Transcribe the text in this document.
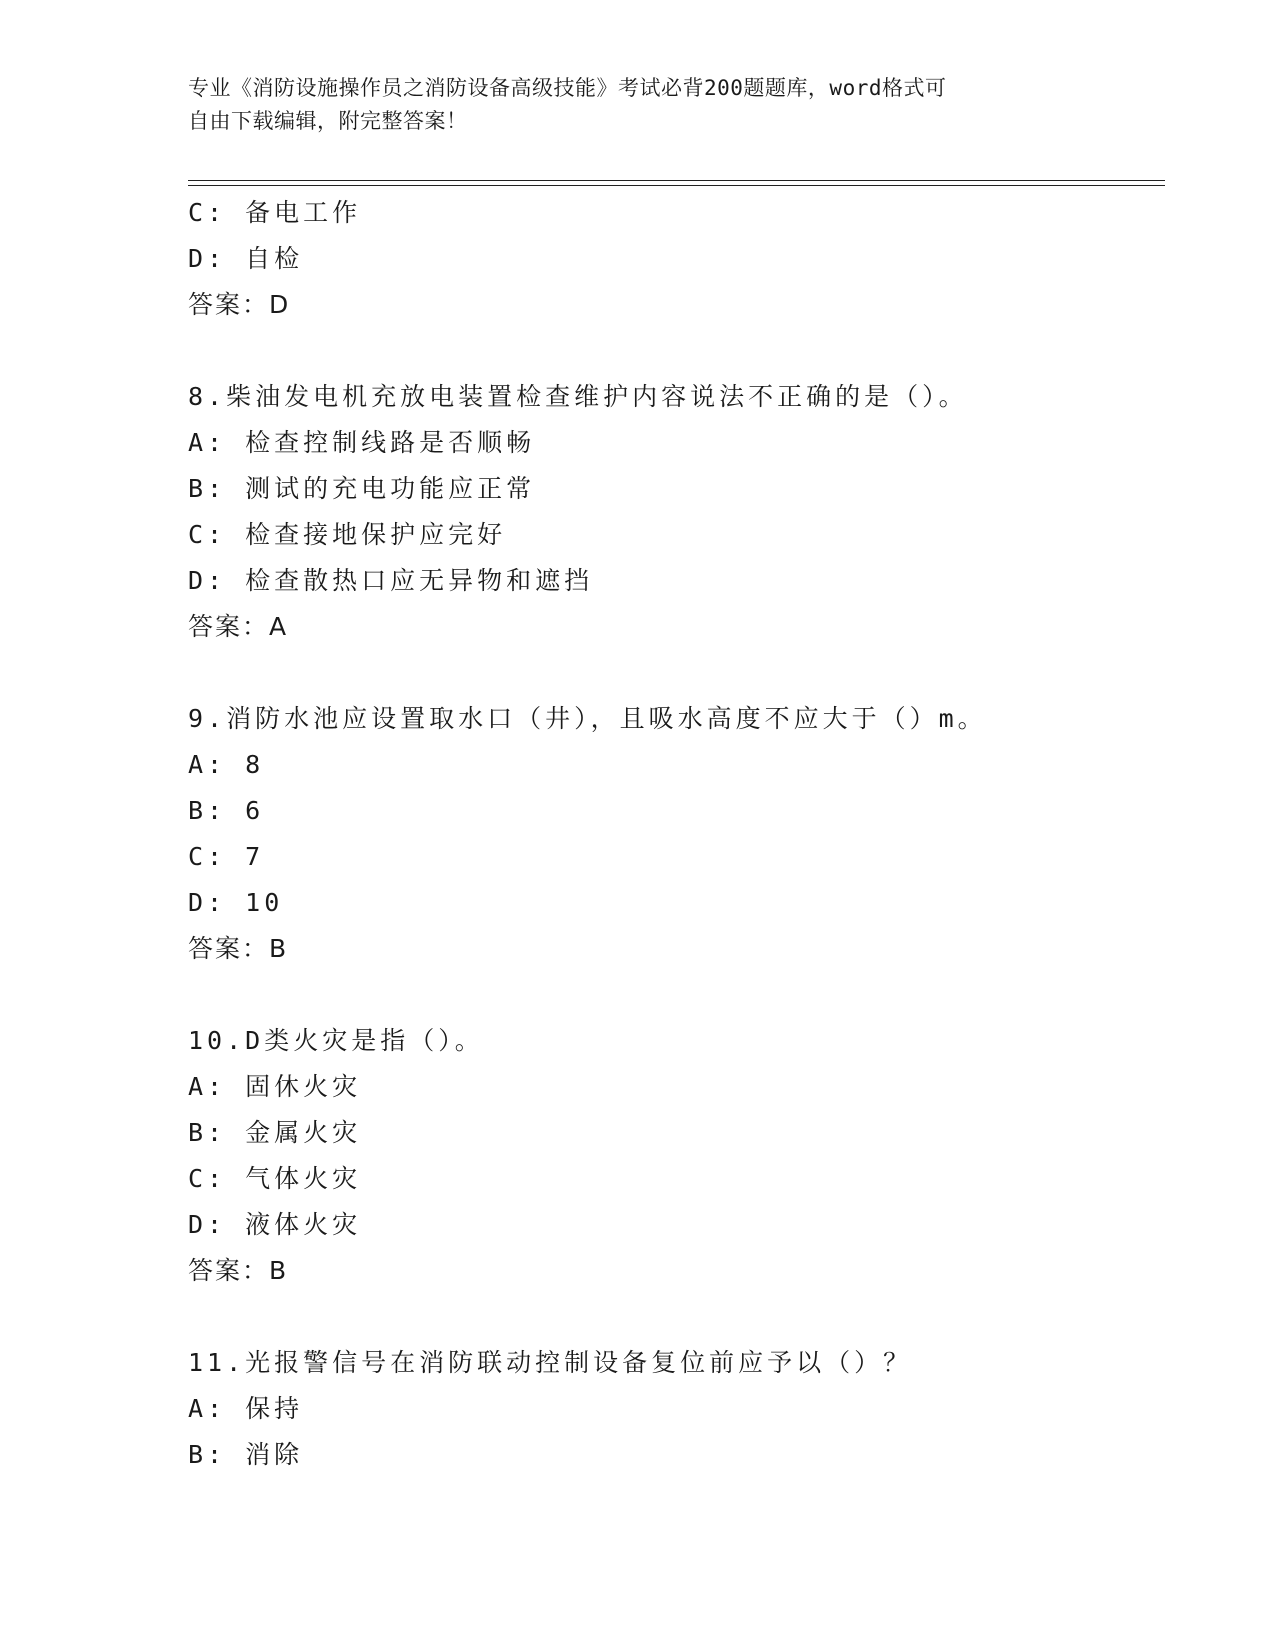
专业《消防设施操作员之消防设备高级技能》考试必背200题题库，word格式可
自由下载编辑，附完整答案！
C: 备电工作
D: 自检
答案：D
8.柴油发电机充放电装置检查维护内容说法不正确的是（）。
A: 检查控制线路是否顺畅
B: 测试的充电功能应正常
C: 检查接地保护应完好
D: 检查散热口应无异物和遮挡
答案：A
9.消防水池应设置取水口（井），且吸水高度不应大于（）m。
A: 8
B: 6
C: 7
D: 10
答案：B
10.D类火灾是指（）。
A: 固休火灾
B: 金属火灾
C: 气体火灾
D: 液体火灾
答案：B
11.光报警信号在消防联动控制设备复位前应予以（）？
A: 保持
B: 消除
